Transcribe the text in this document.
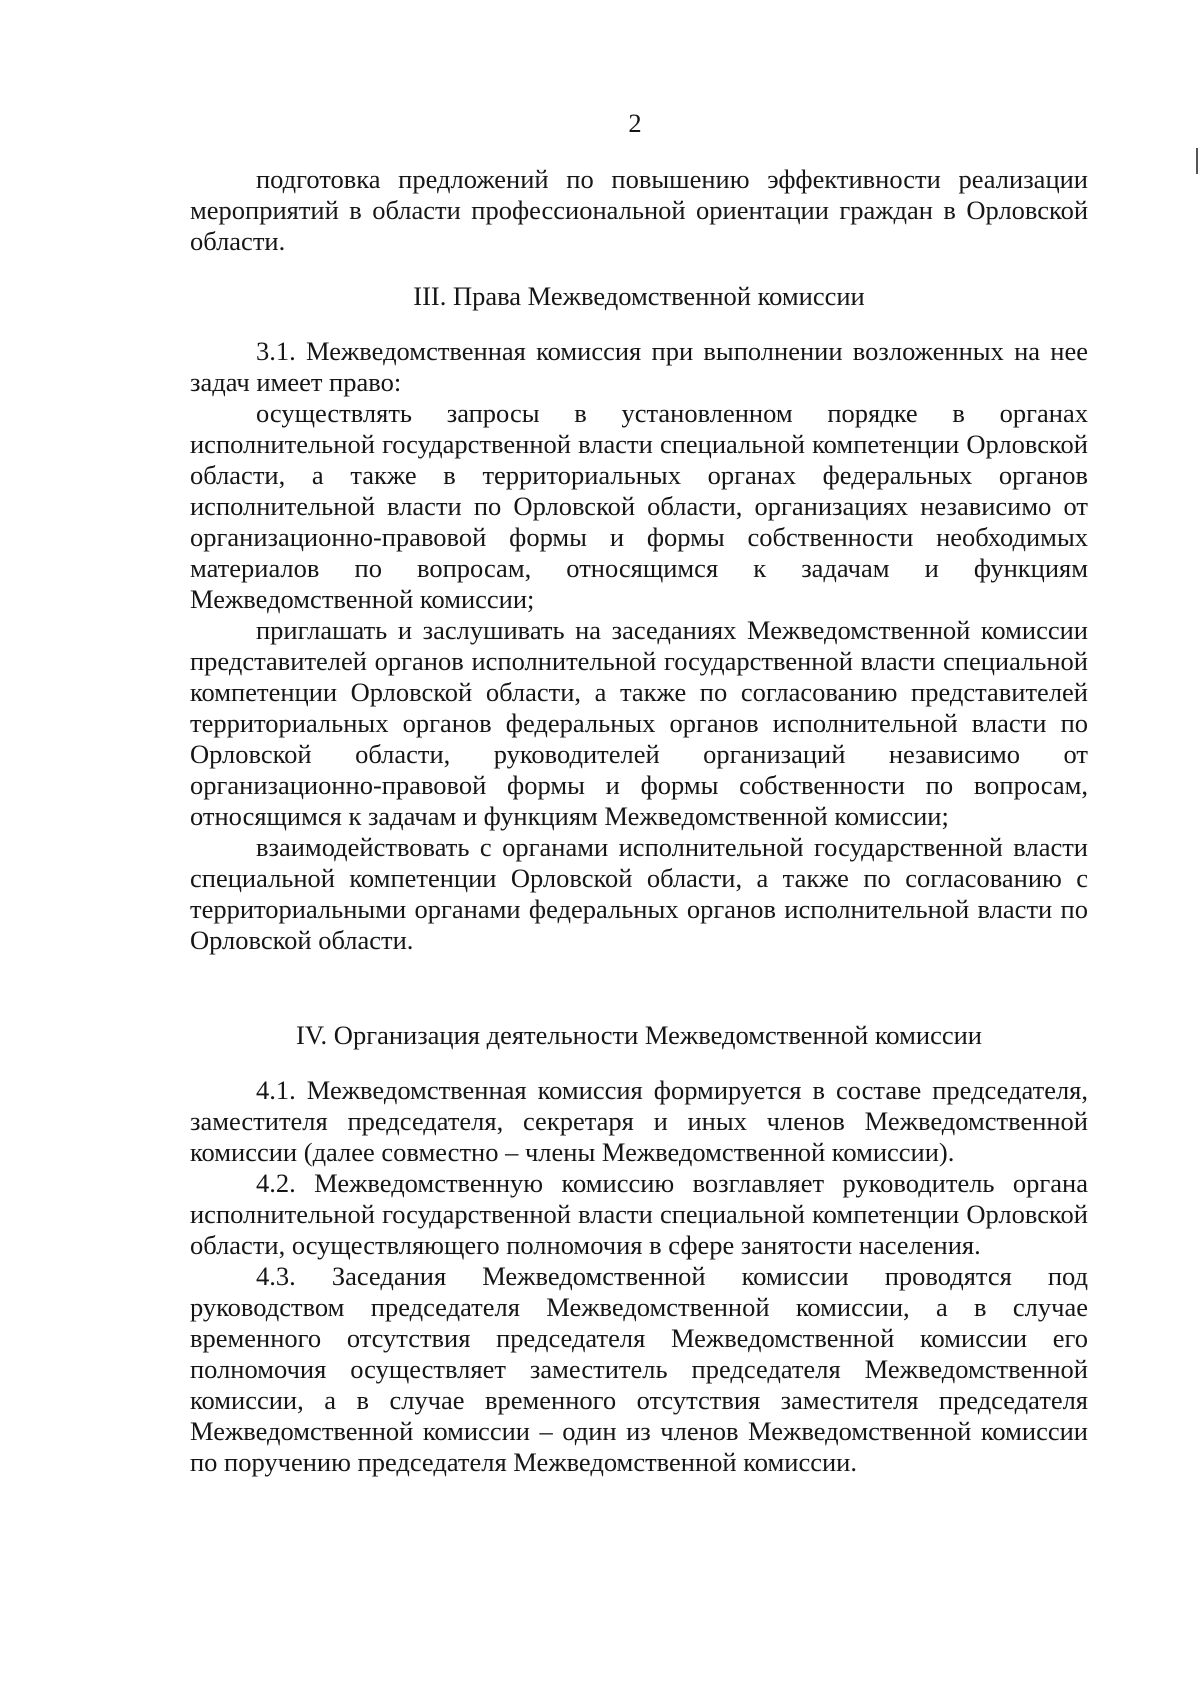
2

подготовка предложений по повышению эффективности реализации мероприятий в области профессиональной ориентации граждан в Орловской области.

III. Права Межведомственной комиссии

3.1. Межведомственная комиссия при выполнении возложенных на нее задач имеет право:

осуществлять запросы в установленном порядке в органах исполнительной государственной власти специальной компетенции Орловской области, а также в территориальных органах федеральных органов исполнительной власти по Орловской области, организациях независимо от организационно-правовой формы и формы собственности необходимых материалов по вопросам, относящимся к задачам и функциям Межведомственной комиссии;

приглашать и заслушивать на заседаниях Межведомственной комиссии представителей органов исполнительной государственной власти специальной компетенции Орловской области, а также по согласованию представителей территориальных органов федеральных органов исполнительной власти по Орловской области, руководителей организаций независимо от организационно-правовой формы и формы собственности по вопросам, относящимся к задачам и функциям Межведомственной комиссии;

взаимодействовать с органами исполнительной государственной власти специальной компетенции Орловской области, а также по согласованию с территориальными органами федеральных органов исполнительной власти по Орловской области.

IV. Организация деятельности Межведомственной комиссии

4.1. Межведомственная комиссия формируется в составе председателя, заместителя председателя, секретаря и иных членов Межведомственной комиссии (далее совместно – члены Межведомственной комиссии).

4.2. Межведомственную комиссию возглавляет руководитель органа исполнительной государственной власти специальной компетенции Орловской области, осуществляющего полномочия в сфере занятости населения.

4.3. Заседания Межведомственной комиссии проводятся под руководством председателя Межведомственной комиссии, а в случае временного отсутствия председателя Межведомственной комиссии его полномочия осуществляет заместитель председателя Межведомственной комиссии, а в случае временного отсутствия заместителя председателя Межведомственной комиссии – один из членов Межведомственной комиссии по поручению председателя Межведомственной комиссии.
